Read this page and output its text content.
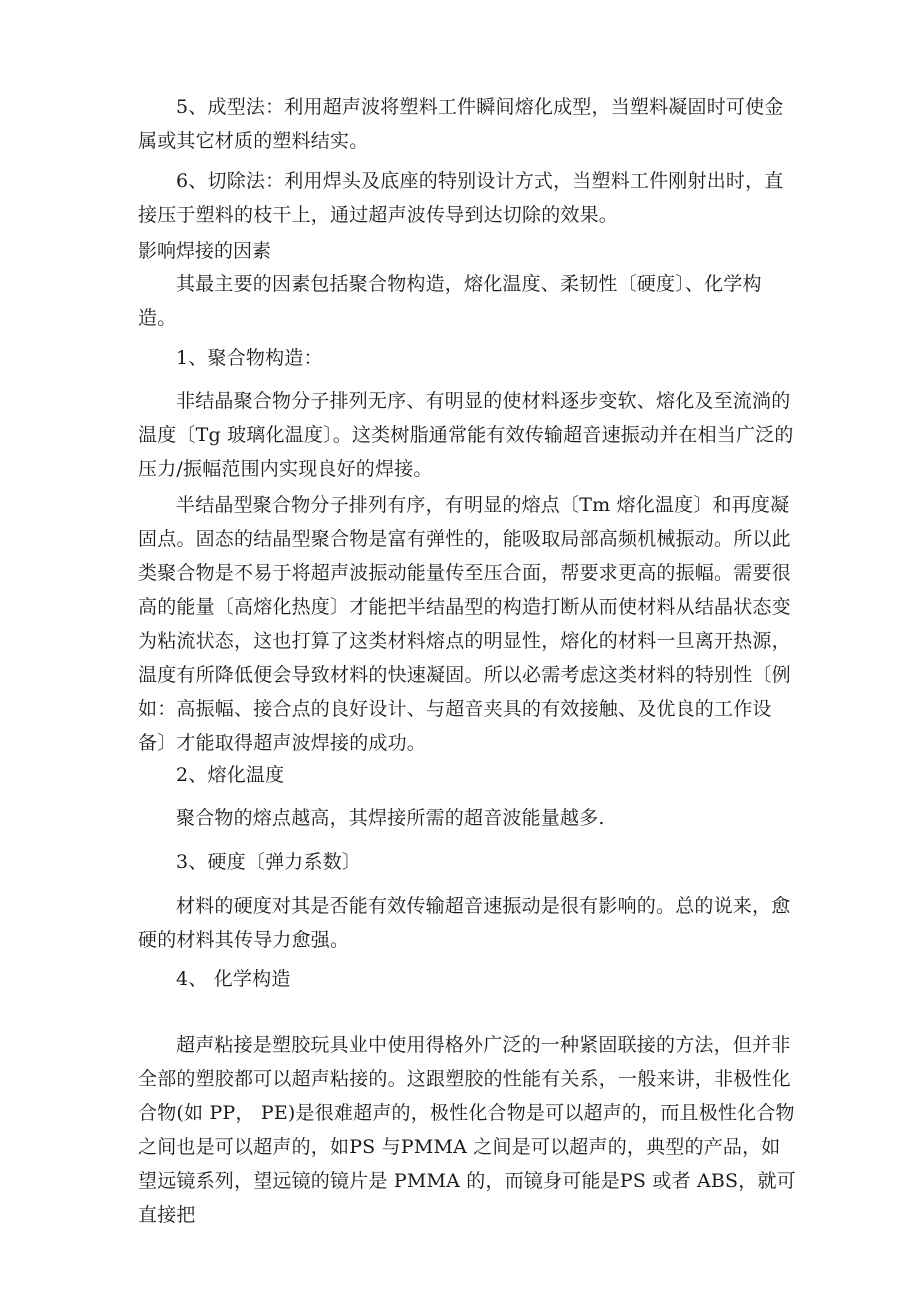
5、成型法：利用超声波将塑料工件瞬间熔化成型，当塑料凝固时可使金属或其它材质的塑料结实。

6、切除法：利用焊头及底座的特别设计方式，当塑料工件刚射出时，直接压于塑料的枝干上，通过超声波传导到达切除的效果。

影响焊接的因素

其最主要的因素包括聚合物构造，熔化温度、柔韧性〔硬度〕、化学构造。

1、聚合物构造：

非结晶聚合物分子排列无序、有明显的使材料逐步变软、熔化及至流淌的温度〔Tg 玻璃化温度〕。这类树脂通常能有效传输超音速振动并在相当广泛的压力/振幅范围内实现良好的焊接。

半结晶型聚合物分子排列有序，有明显的熔点〔Tm 熔化温度〕和再度凝固点。固态的结晶型聚合物是富有弹性的，能吸取局部高频机械振动。所以此类聚合物是不易于将超声波振动能量传至压合面，帮要求更高的振幅。需要很高的能量〔高熔化热度〕才能把半结晶型的构造打断从而使材料从结晶状态变为粘流状态，这也打算了这类材料熔点的明显性，熔化的材料一旦离开热源，温度有所降低便会导致材料的快速凝固。所以必需考虑这类材料的特别性〔例如：高振幅、接合点的良好设计、与超音夹具的有效接触、及优良的工作设备〕才能取得超声波焊接的成功。

2、熔化温度

聚合物的熔点越高，其焊接所需的超音波能量越多.

3、硬度〔弹力系数〕

材料的硬度对其是否能有效传输超音速振动是很有影响的。总的说来，愈硬的材料其传导力愈强。

4、 化学构造

超声粘接是塑胶玩具业中使用得格外广泛的一种紧固联接的方法，但并非全部的塑胶都可以超声粘接的。这跟塑胶的性能有关系，一般来讲，非极性化合物(如 PP， PE)是很难超声的，极性化合物是可以超声的，而且极性化合物之间也是可以超声的，如PS 与PMMA 之间是可以超声的，典型的产品，如望远镜系列，望远镜的镜片是 PMMA 的，而镜身可能是PS 或者 ABS，就可直接把
